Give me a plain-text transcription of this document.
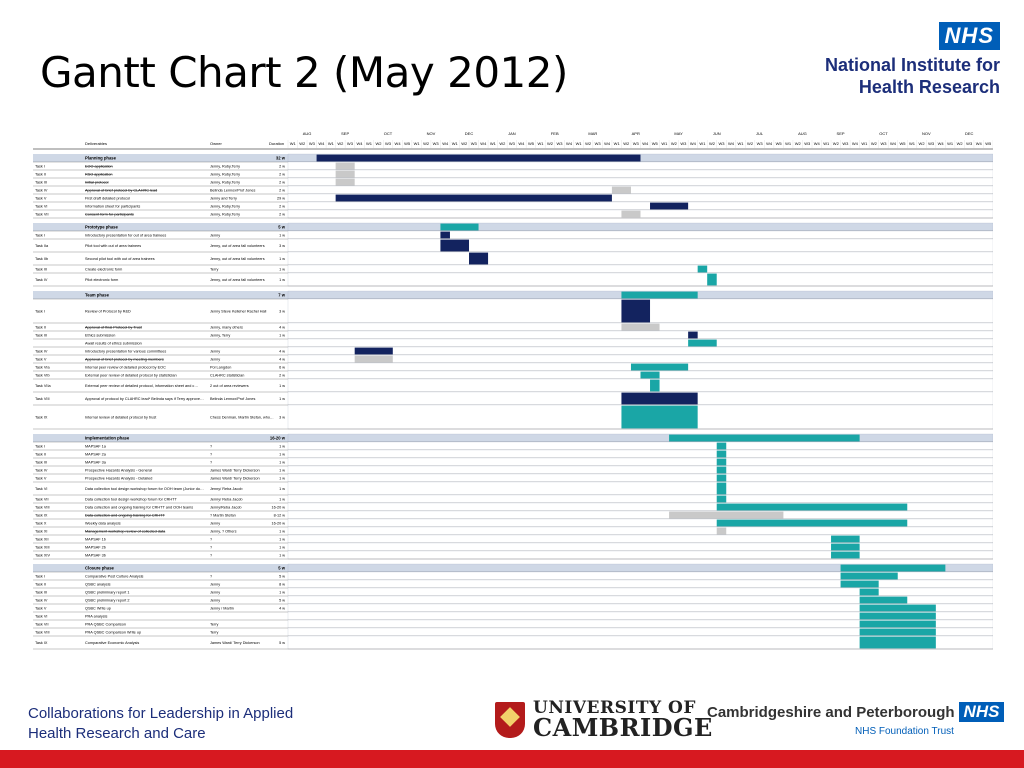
Gantt Chart 2 (May 2012)
NHS
National Institute for Health Research
AUG
W1 W2 W3 W4
SEP
W1 W2 W3 W4
OCT
W1 W2 W3 W4 W5
NOV
W1 W2 W3 W4
DEC
W1 W2 W3 W4
JAN
W1 W2 W3 W4 W5
FEB
W1 W2 W3 W4
MAR
W1 W2 W3 W4
APR
W1 W2 W3 W4 W5
MAY
W1 W2 W3 W4
JUN
W1 W2 W3 W4
JUL
W1 W2 W3 W4 W5
AUG
W1 W2 W3 W4
SEP
W1 W2 W3 W4
OCT
W1 W2 W3 W4 W5
NOV
W1 W2 W3 W4
DEC
W1 W2 W3 W4 W5
Deliverables	Owner	Duration
Planning phase	32 w
Task I	EOO application	Jenny, Ruby,Terry	2 w
Task II	RSO application	Jenny, Ruby,Terry	2 w
Task III	Initial protocol	Jenny, Ruby,Terry	2 w
Task IV	Approval of brief protocol by CLAHRC lead	Belinda Lennox/Prof Jones	2 w
Task V	First draft detailed protocol	Jenny and Terry	29 w
Task VI	Information sheet for participants	Jenny, Ruby,Terry	2 w
Task VII	Consent form for participants	Jenny, Ruby,Terry	2 w
Prototype phase	5 w
Task I	Introductory presentation for out of area trainees	Jenny	1 w
Task IIa	Pilot tool with out of area trainees	Jenny, out of area fall volunteers	3 w
Task IIb	Second pilot tool with out of area trainees	Jenny, out of area fall volunteers	1 w
Task III	Create electronic form	Terry	1 w
Task IV	Pilot electronic form	Jenny, out of area fall volunteers	1 w
Team phase	7 w
Task I	Review of Protocol by R&D	Jenny Steve Kelleher Rachel Hall	3 w
Task II	Approval of final Protocol by Trust	Jenny, many others	4 w
Task III	Ethics submission	Jenny, Terry	1 w
Await results of ethics submission
Task IV	Introductory presentation for various committees	Jenny	4 w
Task V	Approval of brief protocol by meeting members	Jenny	4 w
Task VIa	Internal peer review of detailed protocol by EOC	Pol Langdon	6 w
Task VIb	External peer review of detailed protocol by statistician	CLAHRC statistician	2 w
Task VIIa	External peer review of detailed protocol, information sheet and c…	2 out of area reviewers	1 w
Task VIII	Approval of protocol by CLAHRC lead* Belinda says if Terry approve… Belinda Lennox/Prof Jones	1 w
Task IX	Internal review of detailed protocol by trust	Chess Denman, Martin Stefan, who… 3 w
Implementation phase	16-20 w
Task I	MAPSAF 1a	?	1 w
Task II	MAPSAF 2a	?	1 w
Task III	MAPSAF 3a	?	1 w
Task IV	Prospective Hazards Analysis - General	James Ward/ Terry Dickerson	1 w
Task V	Prospective Hazards Analysis - Detailed	James Ward/ Terry Dickerson	1 w
Task VI	Data collection tool design workshop forum for OOH team (Junior do… Jenny/ Reba Jacob	1 w
Task VII	Data collection tool design workshop forum for CRHTT	Jenny/ Reba Jacob	1 w
Task VIII	Data collection and ongoing training for CRHTT and OOH teams	Jenny/Reba Jacob	16-20 w
Task IX	Data collection and ongoing training for CRHTT	? Martin Stefan	8-12 w
Task X	Weekly data analysis	Jenny	16-20 w
Task XI	Management workshop review of collected data	Jenny, ? Others	1 w
Task XII	MAPSAF 1b	?	1 w
Task XIII	MAPSAF 2b	?	1 w
Task XIV	MAPSAF 3b	?	1 w
Closure phase	5 w
Task I	Comparative Post Culture Analysis	?	5 w
Task II	QSBC analysis	Jenny	8 w
Task III	QSBC preliminary report 1	Jenny	1 w
Task IV	QSBC preliminary report 2	Jenny	5 w
Task V	QSBC Write up	Jenny / Martin	4 w
Task VI	PRA analysis
Task VII	PRA QSBC Comparison	Terry
Task VIII	PRA QSBC Comparison Write up	Terry
Task IX	Comparative Economic Analysis	James Ward/ Terry Dickerson	5 w
Collaborations for Leadership in Applied
Health Research and Care
UNIVERSITY OF
CAMBRIDGE
Cambridgeshire and Peterborough NHS
NHS Foundation Trust
